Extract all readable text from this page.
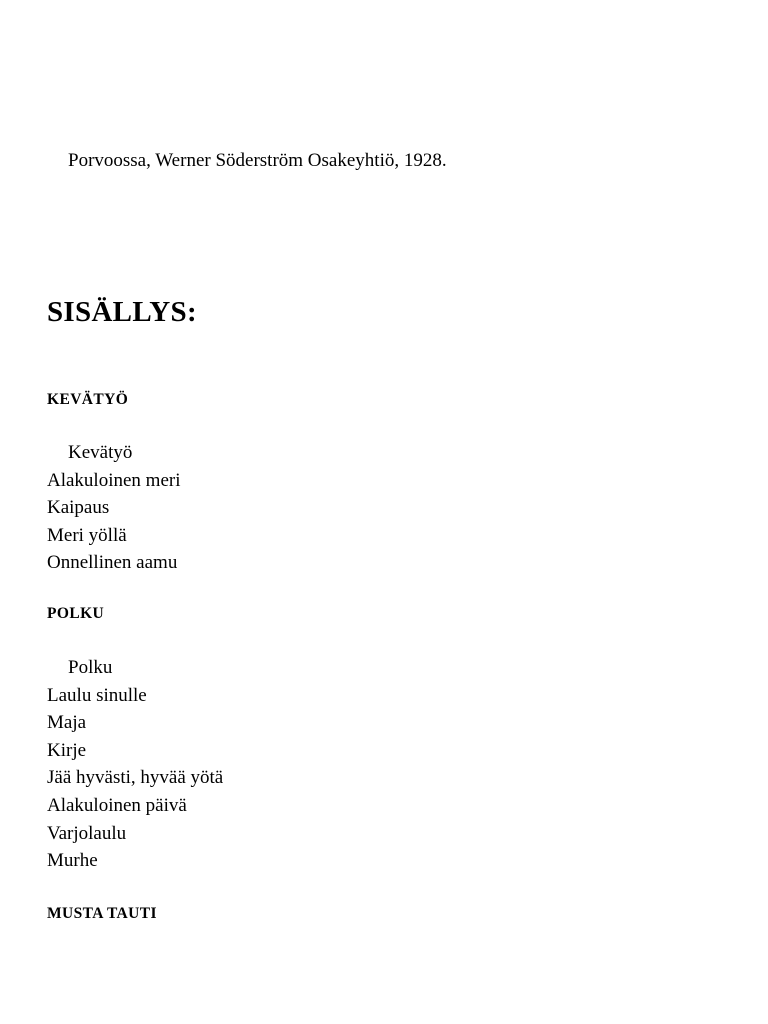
Porvoossa, Werner Söderström Osakeyhtiö, 1928.
SISÄLLYS:
KEVÄTYÖ
Kevätyö
Alakuloinen meri
Kaipaus
Meri yöllä
Onnellinen aamu
POLKU
Polku
Laulu sinulle
Maja
Kirje
Jää hyvästi, hyvää yötä
Alakuloinen päivä
Varjolaulu
Murhe
MUSTA TAUTI
